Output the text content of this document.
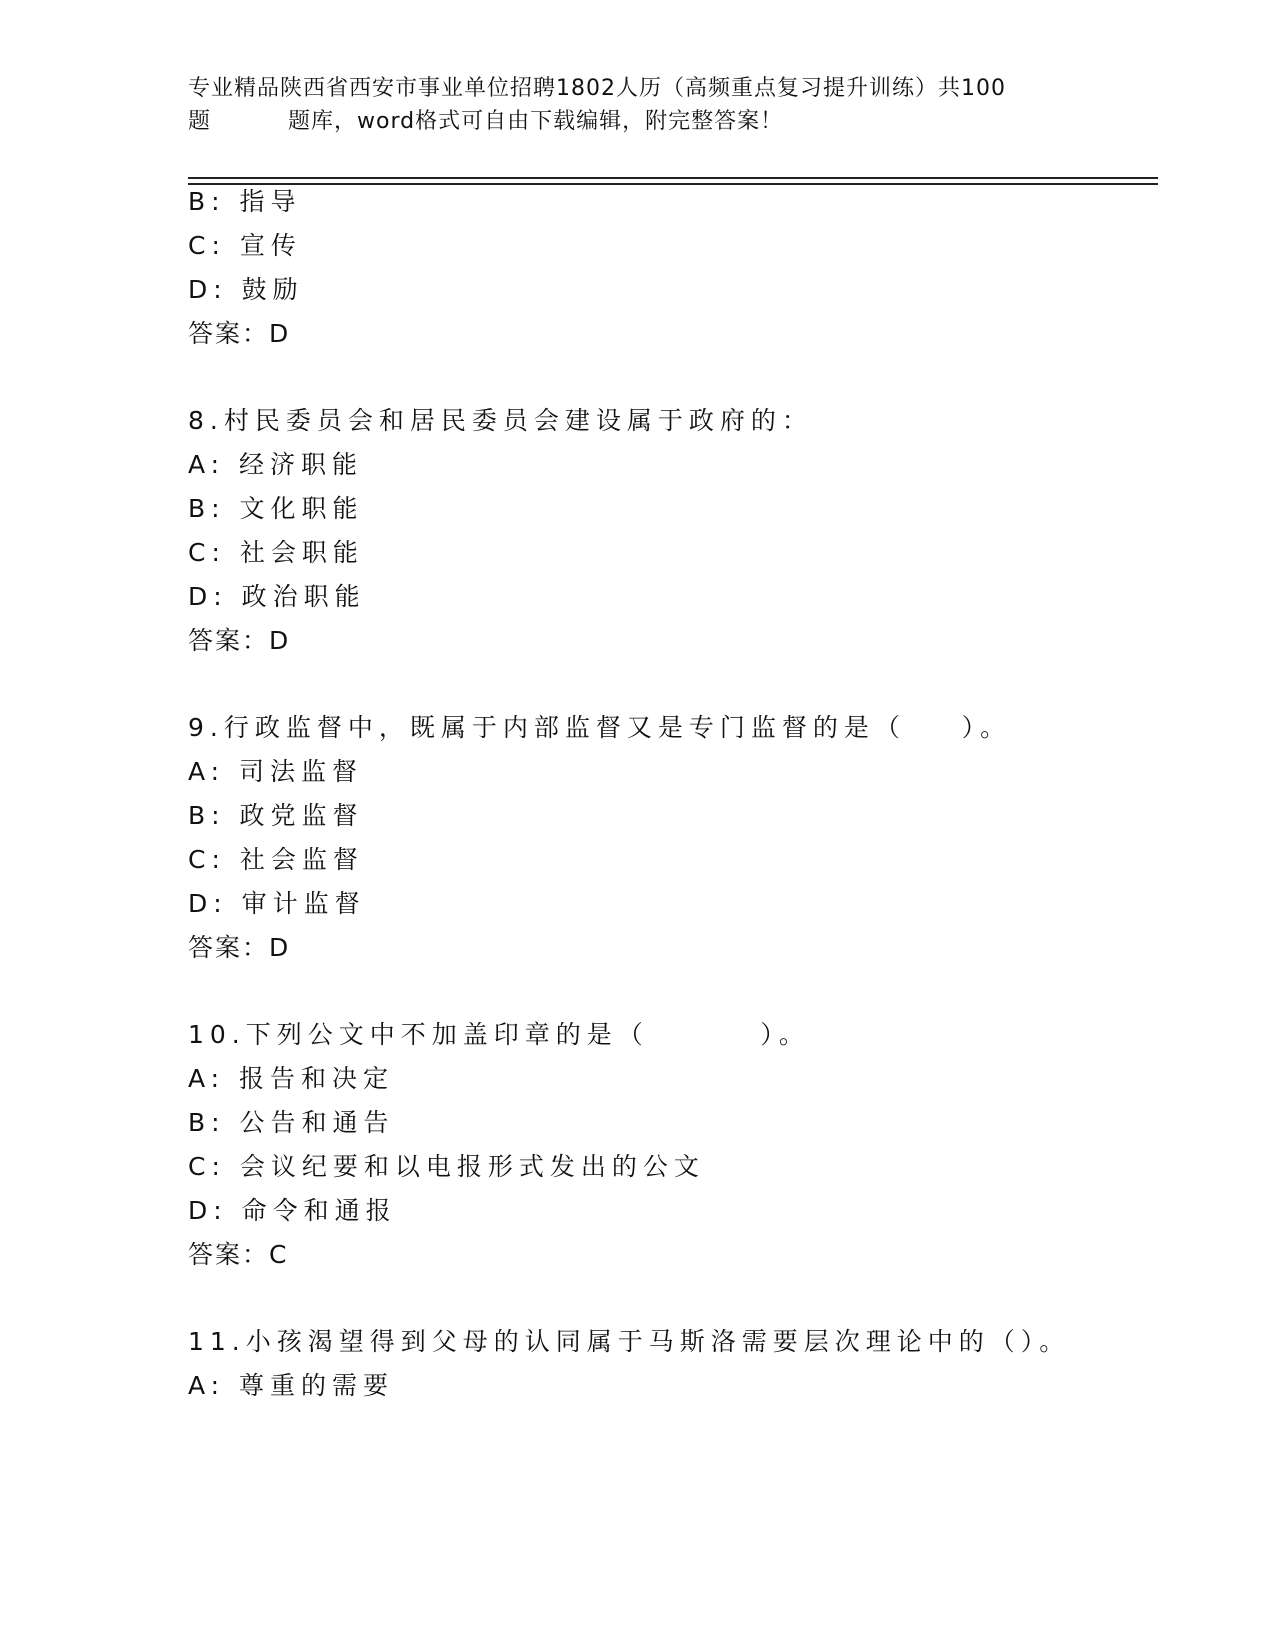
专业精品陕西省西安市事业单位招聘1802人历（高频重点复习提升训练）共100
题	题库，word格式可自由下载编辑，附完整答案！
B: 指导
C: 宣传
D: 鼓励
答案：D
8.村民委员会和居民委员会建设属于政府的：
A: 经济职能
B: 文化职能
C: 社会职能
D: 政治职能
答案：D
9.行政监督中，既属于内部监督又是专门监督的是（    ）。
A: 司法监督
B: 政党监督
C: 社会监督
D: 审计监督
答案：D
10.下列公文中不加盖印章的是（        ）。
A: 报告和决定
B: 公告和通告
C: 会议纪要和以电报形式发出的公文
D: 命令和通报
答案：C
11.小孩渴望得到父母的认同属于马斯洛需要层次理论中的（）。
A: 尊重的需要
